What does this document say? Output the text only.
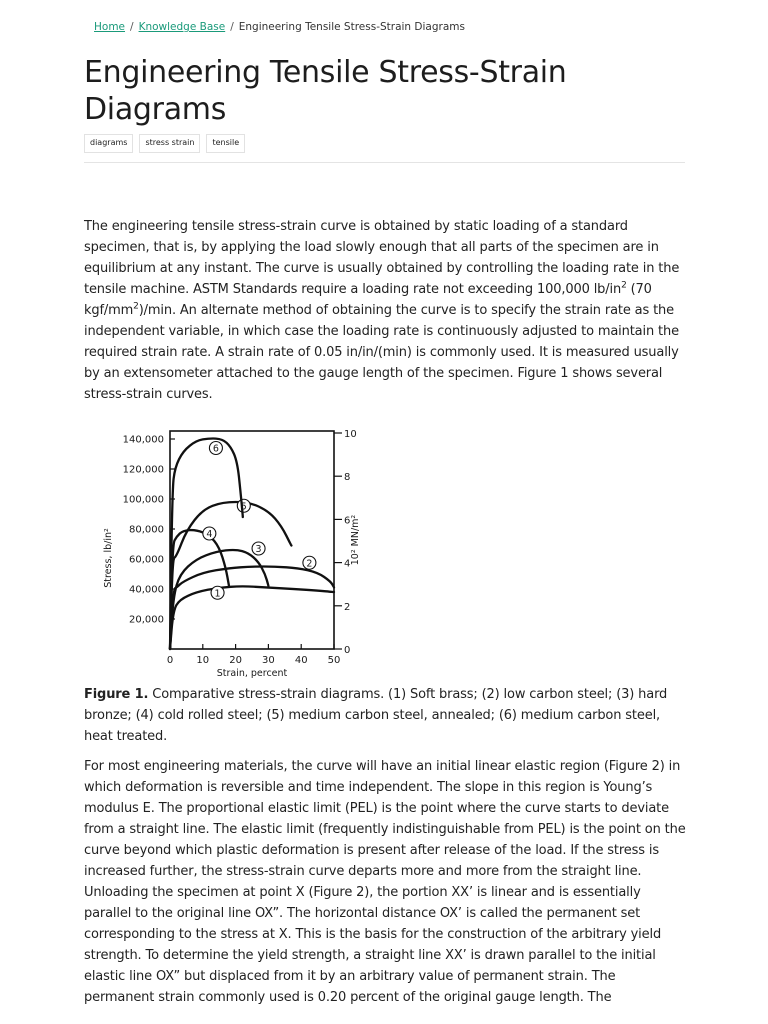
Home / Knowledge Base / Engineering Tensile Stress-Strain Diagrams
Engineering Tensile Stress-Strain Diagrams
diagrams	stress strain	tensile

The engineering tensile stress-strain curve is obtained by static loading of a standard specimen, that is, by applying the load slowly enough that all parts of the specimen are in equilibrium at any instant. The curve is usually obtained by controlling the loading rate in the tensile machine. ASTM Standards require a loading rate not exceeding 100,000 $lb/in^2$ (70 kgf/$mm^2)/\min$. An alternate method of obtaining the curve is to specify the strain rate as the independent variable, in which case the loading rate is continuously adjusted to maintain the required strain rate. A strain rate of 0.05 in/in/(min) is commonly used. It is measured usually by an extensometer attached to the gauge length of the specimen. Figure 1 shows several stress-strain curves.

0 10 20 30 40 50
20,000
40,000
60,000
80,000
100,000
120,000
140,000
0
2
4
6
8
10
Strain, percent
Stress, lb/in²	10² MN/m²
1
2
3
4
5
6

Figure 1. Comparative stress-strain diagrams. (1) Soft brass; (2) low carbon steel; (3) hard bronze; (4) cold rolled steel; (5) medium carbon steel, annealed; (6) medium carbon steel, heat treated.

For most engineering materials, the curve will have an initial linear elastic region (Figure 2) in which deformation is reversible and time independent. The slope in this region is Young’s modulus E. The proportional elastic limit (PEL) is the point where the curve starts to deviate from a straight line. The elastic limit (frequently indistinguishable from PEL) is the point on the curve beyond which plastic deformation is present after release of the load. If the stress is increased further, the stress-strain curve departs more and more from the straight line. Unloading the specimen at point X (Figure 2), the portion XX’ is linear and is essentially parallel to the original line OX”. The horizontal distance OX’ is called the permanent set corresponding to the stress at X. This is the basis for the construction of the arbitrary yield strength. To determine the yield strength, a straight line XX’ is drawn parallel to the initial elastic line OX” but displaced from it by an arbitrary value of permanent strain. The permanent strain commonly used is 0.20 percent of the original gauge length. The
